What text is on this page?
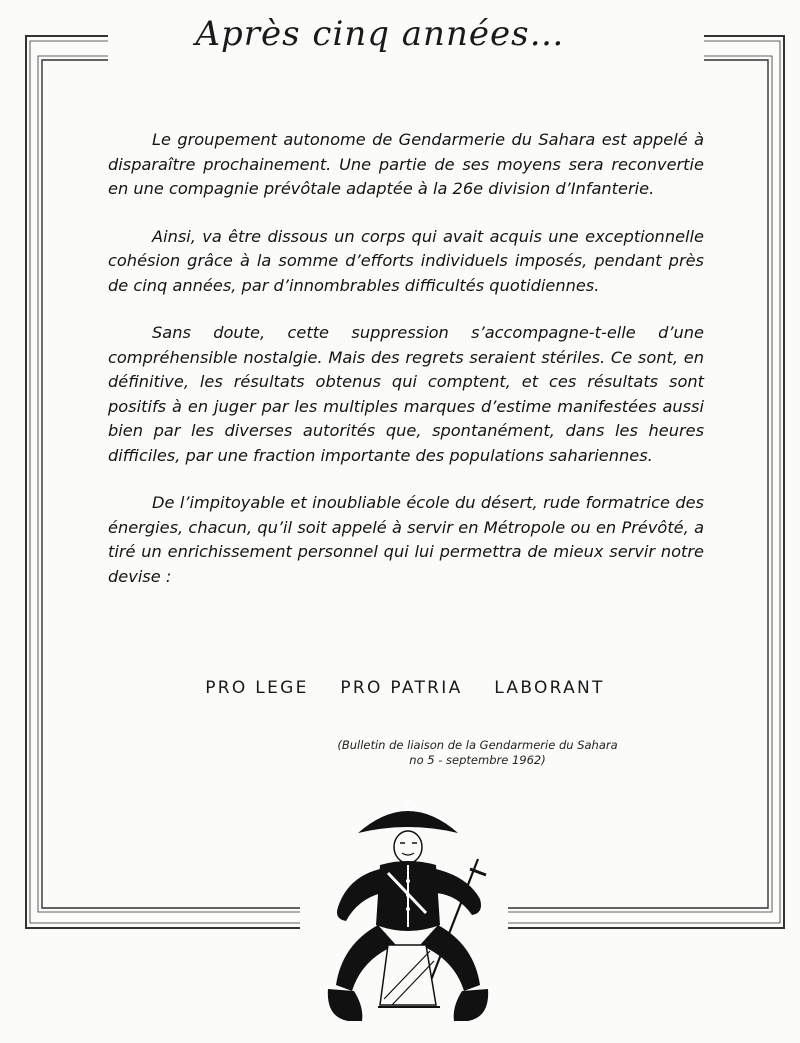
Après cinq années…

Le groupement autonome de Gendarmerie du Sahara est appelé à disparaître prochainement. Une partie de ses moyens sera reconvertie en une compagnie prévôtale adaptée à la 26e division d’Infanterie.

Ainsi, va être dissous un corps qui avait acquis une exceptionnelle cohésion grâce à la somme d’efforts individuels imposés, pendant près de cinq années, par d’innombrables difficultés quotidiennes.

Sans doute, cette suppression s’accompagne-t-elle d’une compréhensible nostalgie. Mais des regrets seraient stériles. Ce sont, en définitive, les résultats obtenus qui comptent, et ces résultats sont positifs à en juger par les multiples marques d’estime manifestées aussi bien par les diverses autorités que, spontanément, dans les heures difficiles, par une fraction importante des populations sahariennes.

De l’impitoyable et inoubliable école du désert, rude formatrice des énergies, chacun, qu’il soit appelé à servir en Métropole ou en Prévôté, a tiré un enrichissement personnel qui lui permettra de mieux servir notre devise :

PRO LEGE PRO PATRIA LABORANT
(Bulletin de liaison de la Gendarmerie du Sahara
no 5 - septembre 1962)
